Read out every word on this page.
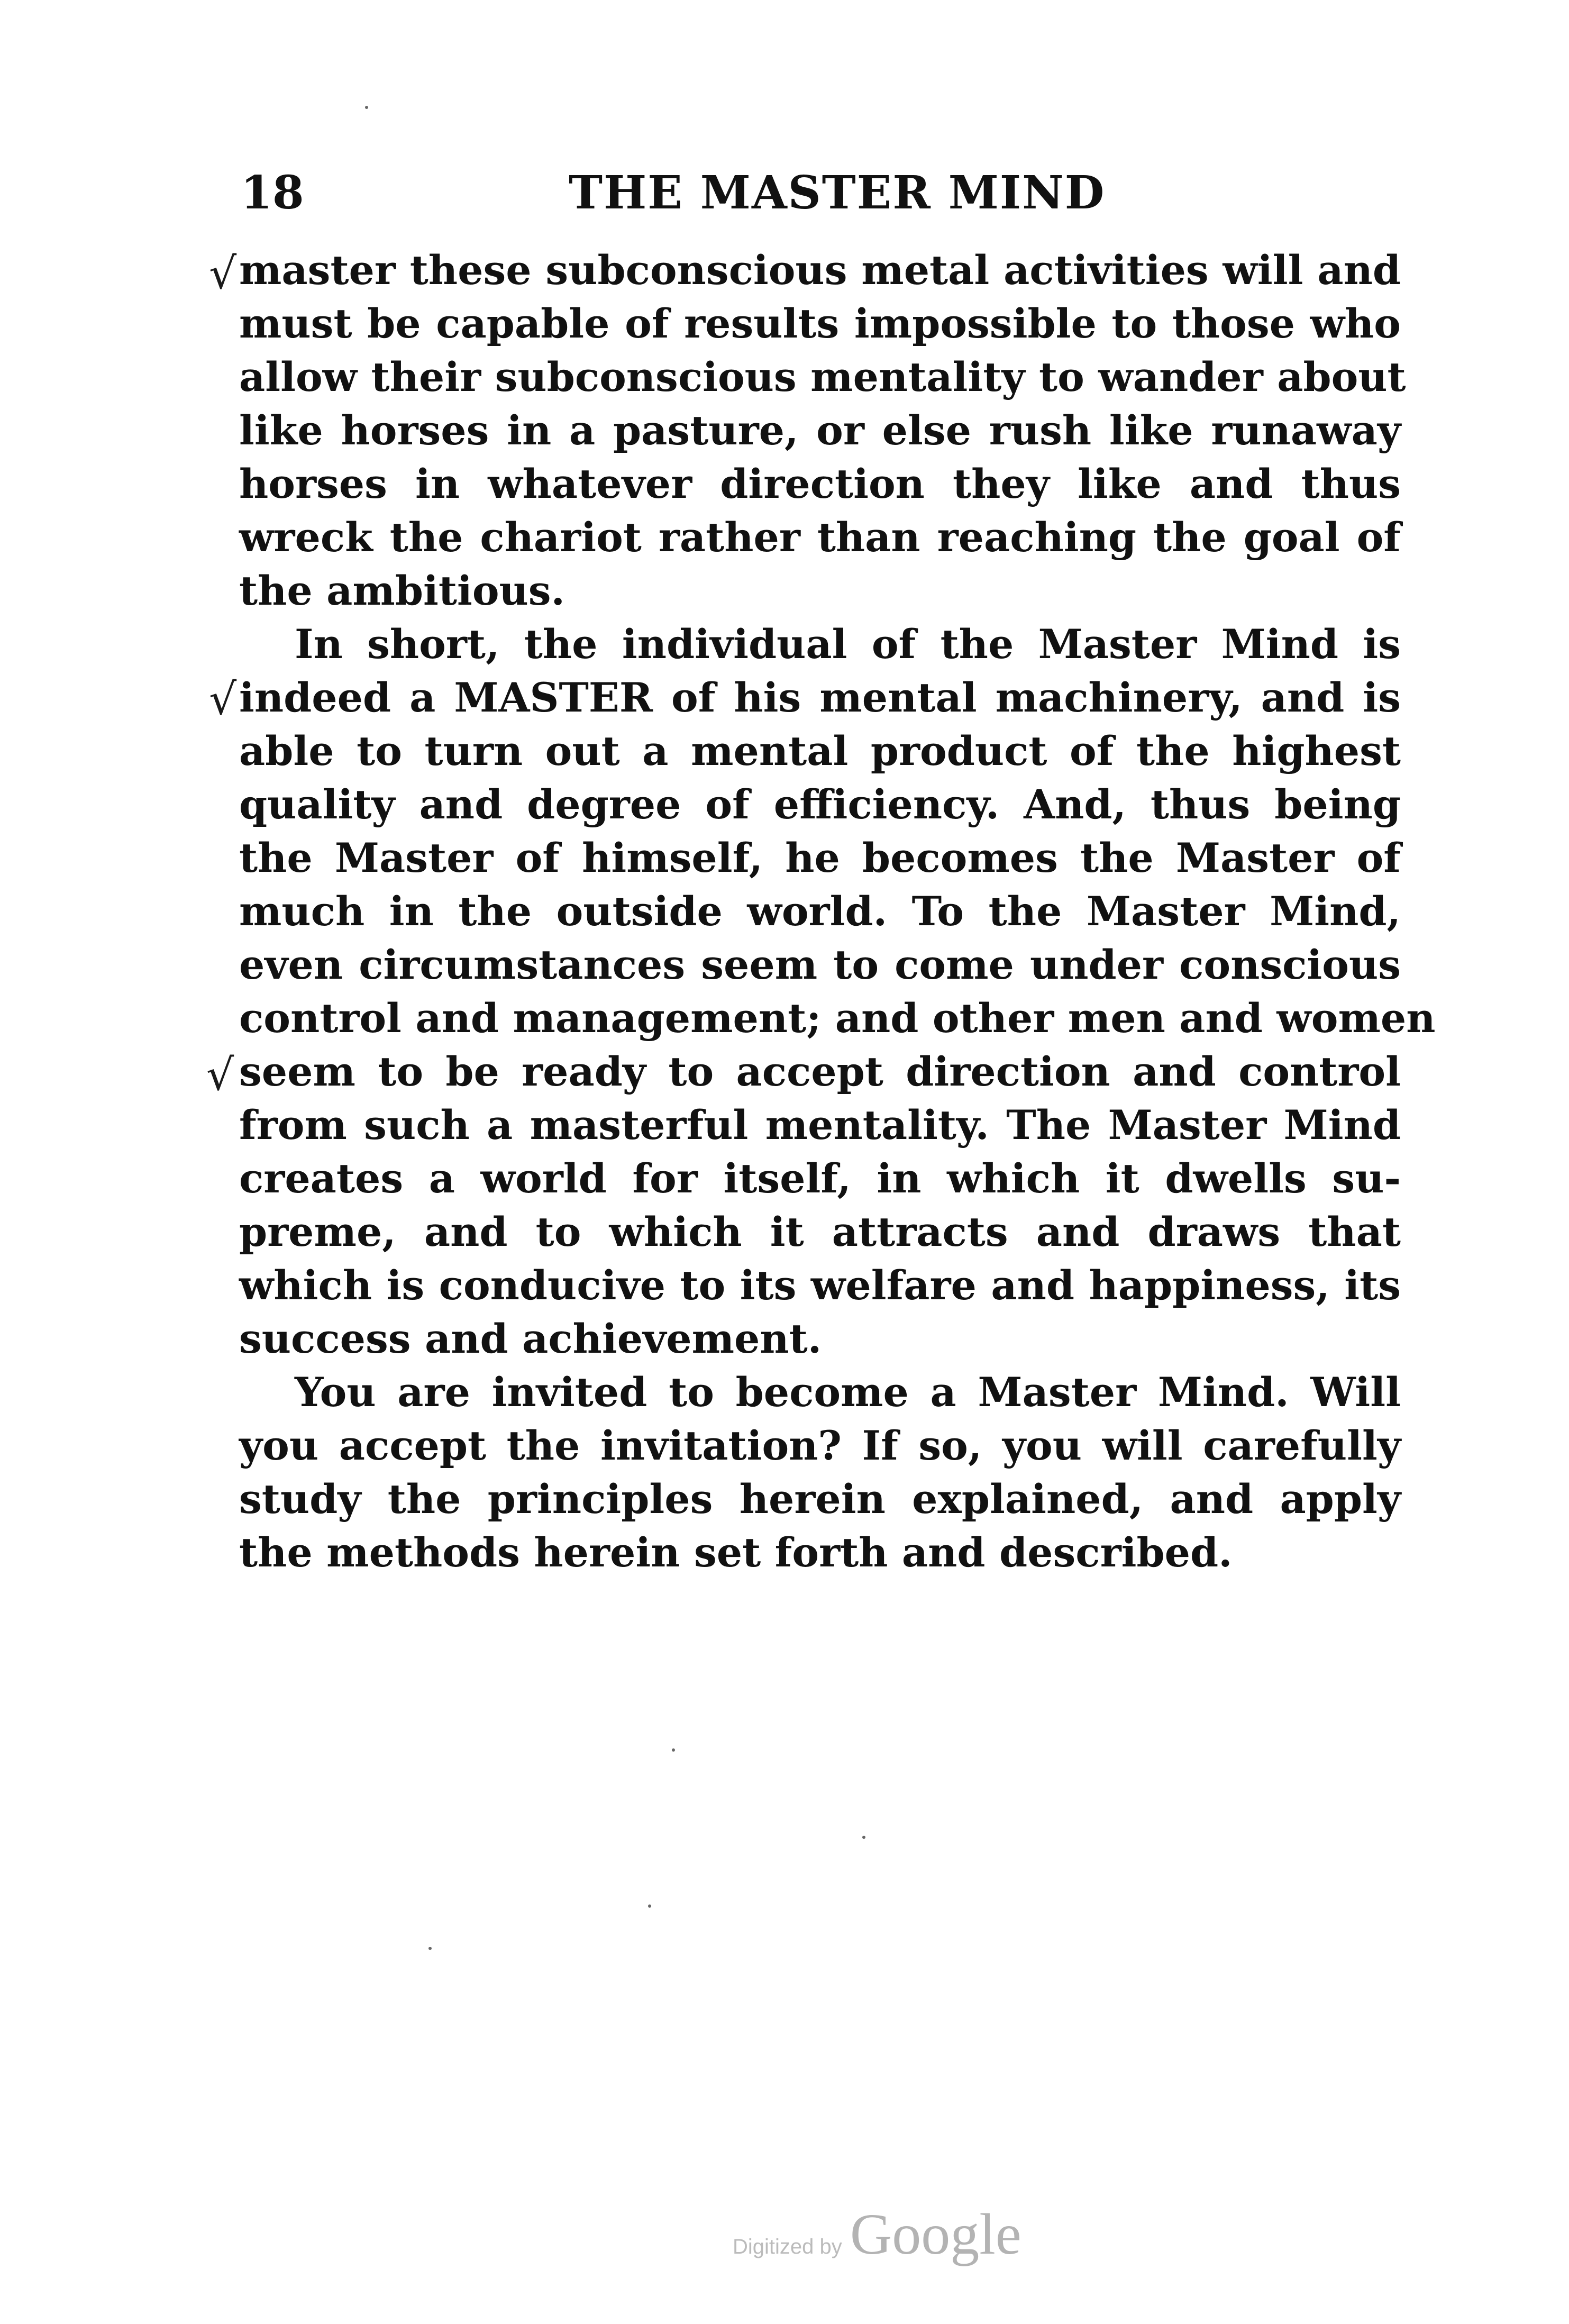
18	THE MASTER MIND
√
√
√
master these subconscious metal activities will and
must be capable of results impossible to those who
allow their subconscious mentality to wander about
like horses in a pasture, or else rush like runaway
horses in whatever direction they like and thus
wreck the chariot rather than reaching the goal of
the ambitious.
In short, the individual of the Master Mind is
indeed a MASTER of his mental machinery, and is
able to turn out a mental product of the highest
quality and degree of efficiency. And, thus being
the Master of himself, he becomes the Master of
much in the outside world. To the Master Mind,
even circumstances seem to come under conscious
control and management; and other men and women
seem to be ready to accept direction and control
from such a masterful mentality. The Master Mind
creates a world for itself, in which it dwells su-
preme, and to which it attracts and draws that
which is conducive to its welfare and happiness, its
success and achievement.
You are invited to become a Master Mind. Will
you accept the invitation? If so, you will carefully
study the principles herein explained, and apply
the methods herein set forth and described.
Digitized by Google
